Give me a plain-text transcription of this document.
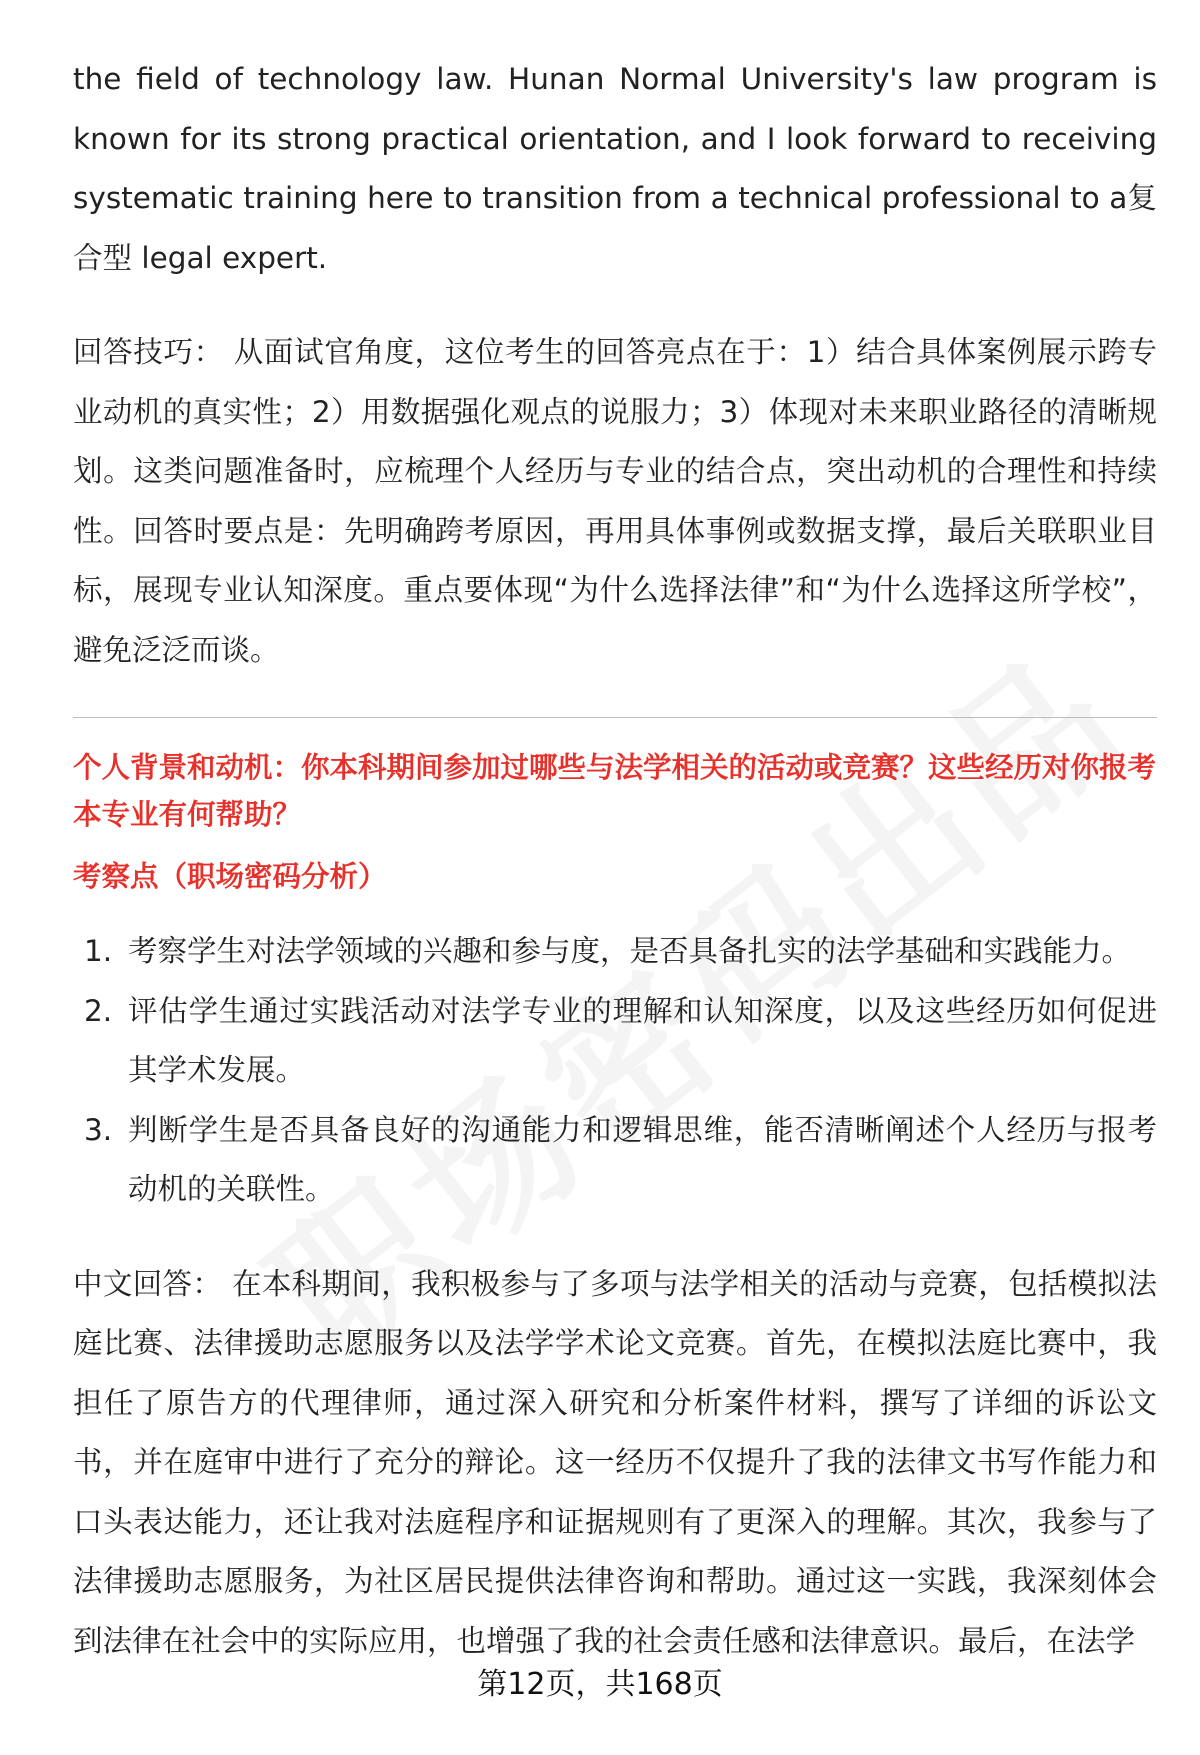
the field of technology law. Hunan Normal University's law program is known for its strong practical orientation, and I look forward to receiving systematic training here to transition from a technical professional to a复合型 legal expert.

回答技巧： 从面试官角度，这位考生的回答亮点在于：1）结合具体案例展示跨专业动机的真实性；2）用数据强化观点的说服力；3）体现对未来职业路径的清晰规划。这类问题准备时，应梳理个人经历与专业的结合点，突出动机的合理性和持续性。回答时要点是：先明确跨考原因，再用具体事例或数据支撑，最后关联职业目标，展现专业认知深度。重点要体现“为什么选择法律”和“为什么选择这所学校”，避免泛泛而谈。

个人背景和动机：你本科期间参加过哪些与法学相关的活动或竞赛？这些经历对你报考本专业有何帮助？

考察点（职场密码分析）

1. 考察学生对法学领域的兴趣和参与度，是否具备扎实的法学基础和实践能力。
2. 评估学生通过实践活动对法学专业的理解和认知深度，以及这些经历如何促进其学术发展。
3. 判断学生是否具备良好的沟通能力和逻辑思维，能否清晰阐述个人经历与报考动机的关联性。

中文回答： 在本科期间，我积极参与了多项与法学相关的活动与竞赛，包括模拟法庭比赛、法律援助志愿服务以及法学学术论文竞赛。首先，在模拟法庭比赛中，我担任了原告方的代理律师，通过深入研究和分析案件材料，撰写了详细的诉讼文书，并在庭审中进行了充分的辩论。这一经历不仅提升了我的法律文书写作能力和口头表达能力，还让我对法庭程序和证据规则有了更深入的理解。其次，我参与了法律援助志愿服务，为社区居民提供法律咨询和帮助。通过这一实践，我深刻体会到法律在社会中的实际应用，也增强了我的社会责任感和法律意识。最后，在法学

第12页，共168页
